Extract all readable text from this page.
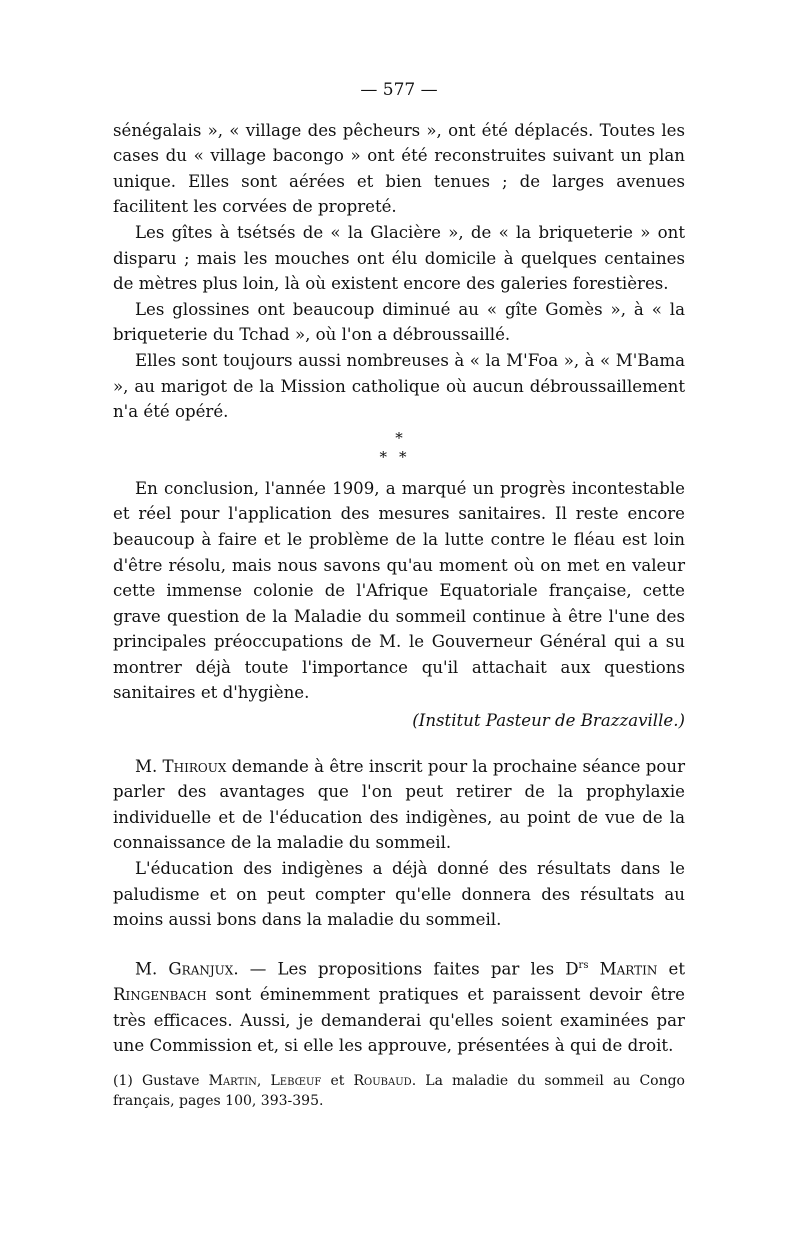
— 577 —

sénégalais », « village des pêcheurs », ont été déplacés. Toutes les cases du « village bacongo » ont été reconstruites suivant un plan unique. Elles sont aérées et bien tenues ; de larges avenues facilitent les corvées de propreté.

Les gîtes à tsétsés de « la Glacière », de « la briqueterie » ont disparu ; mais les mouches ont élu domicile à quelques centaines de mètres plus loin, là où existent encore des galeries forestières.

Les glossines ont beaucoup diminué au « gîte Gomès », à « la briqueterie du Tchad », où l'on a débroussaillé.

Elles sont toujours aussi nombreuses à « la M'Foa », à « M'Bama », au marigot de la Mission catholique où aucun débroussaillement n'a été opéré.

*
**

En conclusion, l'année 1909, a marqué un progrès incontestable et réel pour l'application des mesures sanitaires. Il reste encore beaucoup à faire et le problème de la lutte contre le fléau est loin d'être résolu, mais nous savons qu'au moment où on met en valeur cette immense colonie de l'Afrique Equatoriale française, cette grave question de la Maladie du sommeil continue à être l'une des principales préoccupations de M. le Gouverneur Général qui a su montrer déjà toute l'importance qu'il attachait aux questions sanitaires et d'hygiène.

(Institut Pasteur de Brazzaville.)

M. Thiroux demande à être inscrit pour la prochaine séance pour parler des avantages que l'on peut retirer de la prophylaxie individuelle et de l'éducation des indigènes, au point de vue de la connaissance de la maladie du sommeil.

L'éducation des indigènes a déjà donné des résultats dans le paludisme et on peut compter qu'elle donnera des résultats au moins aussi bons dans la maladie du sommeil.

M. Granjux. — Les propositions faites par les $D^{rs}$ Martin et Ringenbach sont éminemment pratiques et paraissent devoir être très efficaces. Aussi, je demanderai qu'elles soient examinées par une Commission et, si elle les approuve, présentées à qui de droit.

(1) Gustave Martin, Lebœuf et Roubaud. La maladie du sommeil au Congo français, pages 100, 393-395.
